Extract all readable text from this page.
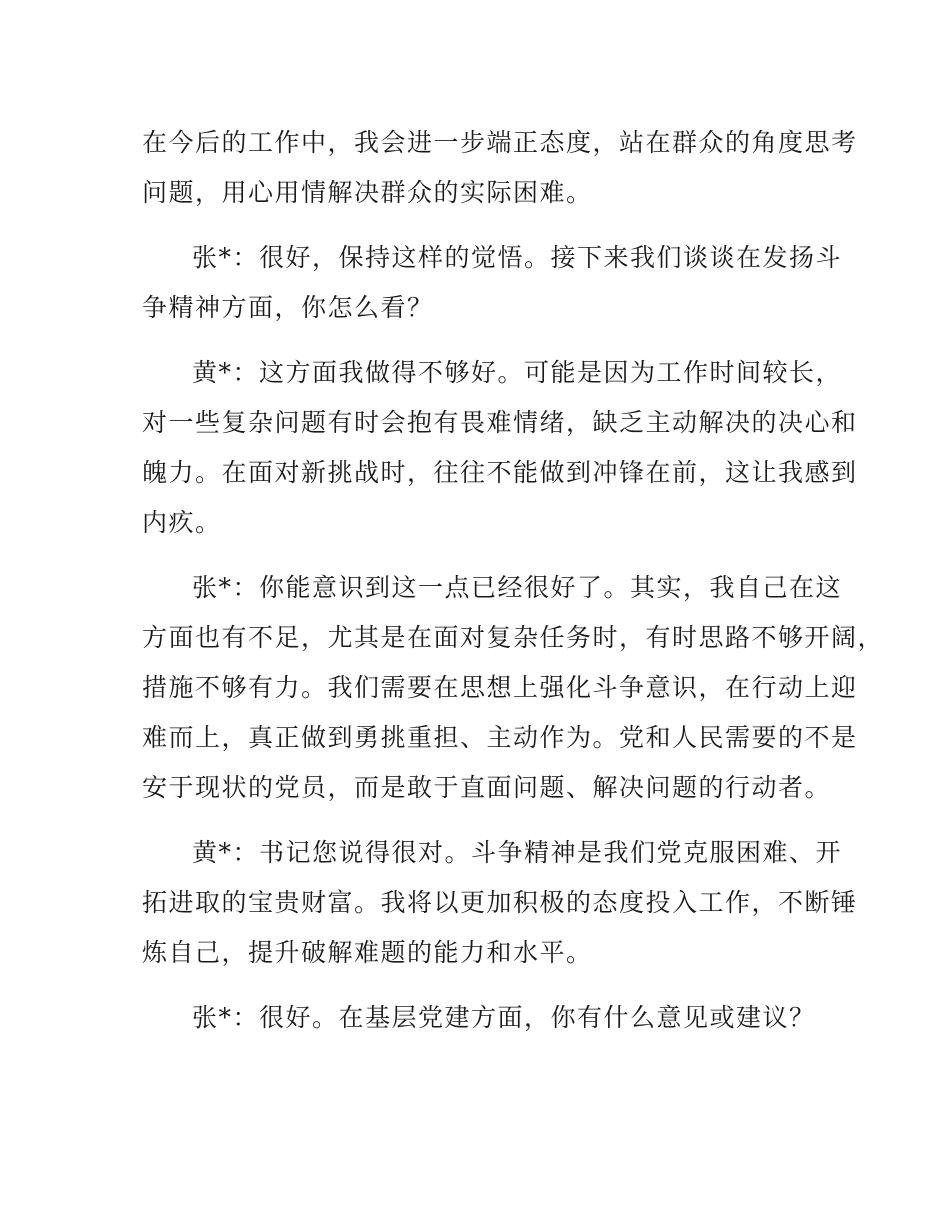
在今后的工作中，我会进一步端正态度，站在群众的角度思考
问题，用心用情解决群众的实际困难。
张*：很好，保持这样的觉悟。接下来我们谈谈在发扬斗
争精神方面，你怎么看？
黄*：这方面我做得不够好。可能是因为工作时间较长，
对一些复杂问题有时会抱有畏难情绪，缺乏主动解决的决心和
魄力。在面对新挑战时，往往不能做到冲锋在前，这让我感到
内疚。
张*：你能意识到这一点已经很好了。其实，我自己在这
方面也有不足，尤其是在面对复杂任务时，有时思路不够开阔，
措施不够有力。我们需要在思想上强化斗争意识，在行动上迎
难而上，真正做到勇挑重担、主动作为。党和人民需要的不是
安于现状的党员，而是敢于直面问题、解决问题的行动者。
黄*：书记您说得很对。斗争精神是我们党克服困难、开
拓进取的宝贵财富。我将以更加积极的态度投入工作，不断锤
炼自己，提升破解难题的能力和水平。
张*：很好。在基层党建方面，你有什么意见或建议？
